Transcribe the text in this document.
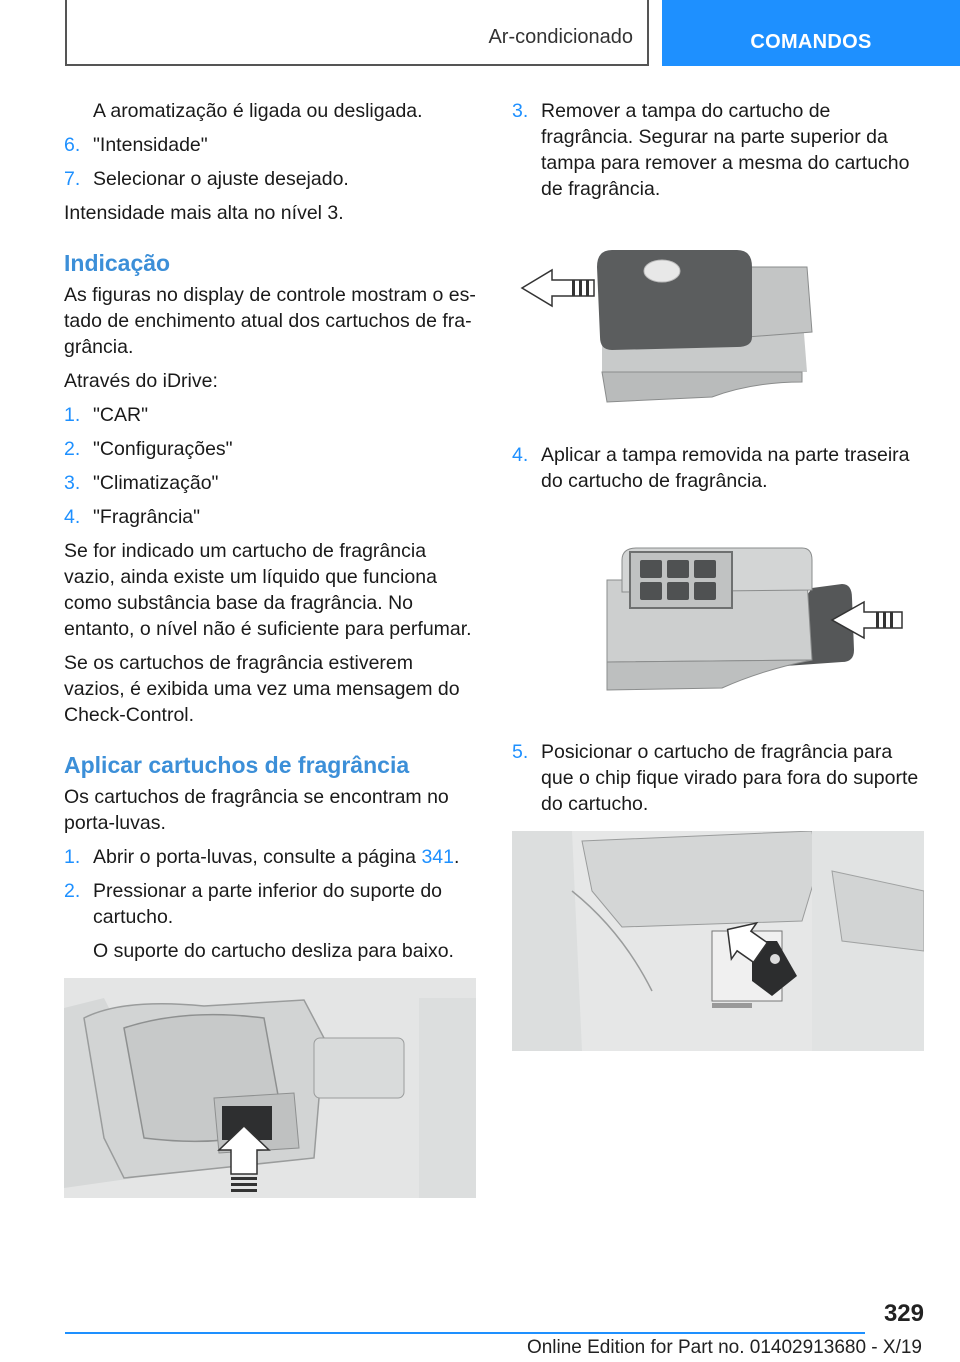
Ar-condicionado	COMANDOS
A aromatização é ligada ou desligada.
6. "Intensidade"
7. Selecionar o ajuste desejado.

Intensidade mais alta no nível 3.

Indicação

As figuras no display de controle mostram o estado de enchimento atual dos cartuchos de fragrância.

Através do iDrive:

1. "CAR"
2. "Configurações"
3. "Climatização"
4. "Fragrância"

Se for indicado um cartucho de fragrância vazio, ainda existe um líquido que funciona como substância base da fragrância. No entanto, o nível não é suficiente para perfumar.

Se os cartuchos de fragrância estiverem vazios, é exibida uma vez uma mensagem do Check-Control.

Aplicar cartuchos de fragrância

Os cartuchos de fragrância se encontram no porta-luvas.

1. Abrir o porta-luvas, consulte a página 341.
2. Pressionar a parte inferior do suporte do cartucho.
O suporte do cartucho desliza para baixo.
3. Remover a tampa do cartucho de fragrância. Segurar na parte superior da tampa para remover a mesma do cartucho de fragrância.
4. Aplicar a tampa removida na parte traseira do cartucho de fragrância.
5. Posicionar o cartucho de fragrância para que o chip fique virado para fora do suporte do cartucho.
329
Online Edition for Part no. 01402913680 - X/19
